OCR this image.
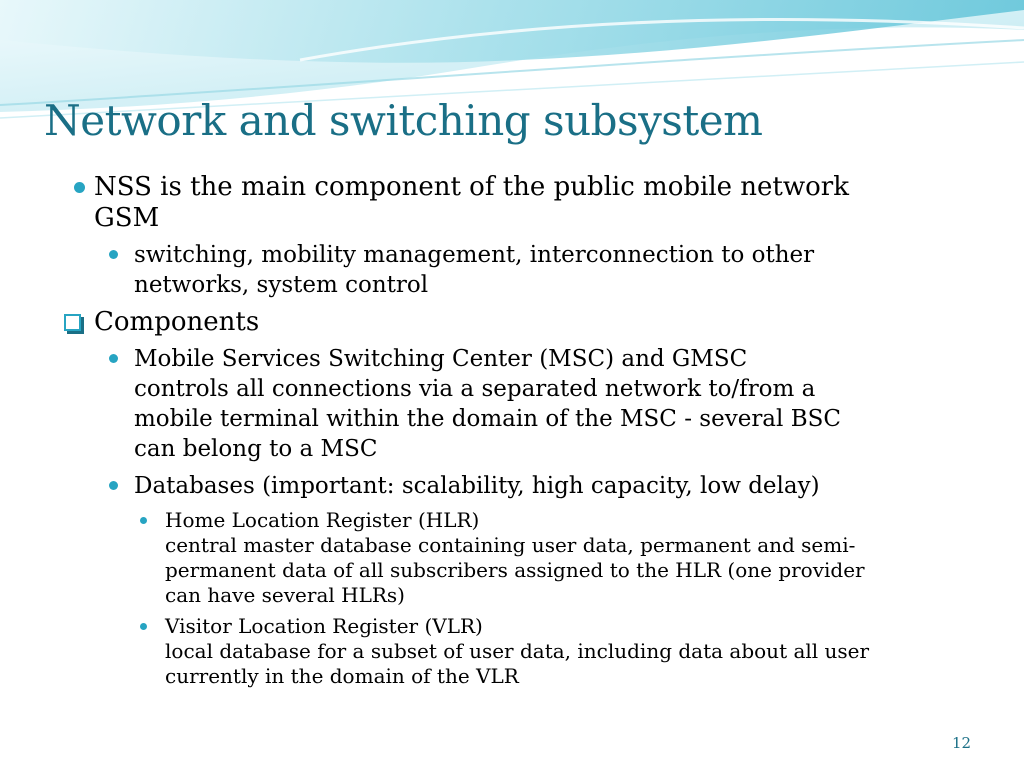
Network and switching subsystem
NSS is the main component of the public mobile network
GSM
switching, mobility management, interconnection to other
networks, system control
Components
Mobile Services Switching Center (MSC) and GMSC
controls all connections via a separated network to/from a
mobile terminal within the domain of the MSC - several BSC
can belong to a MSC
Databases (important: scalability, high capacity, low delay)
Home Location Register (HLR)
central master database containing user data, permanent and semi-
permanent data of all subscribers assigned to the HLR (one provider
can have several HLRs)
Visitor Location Register (VLR)
local database for a subset of user data, including data about all user
currently in the domain of the VLR
12
